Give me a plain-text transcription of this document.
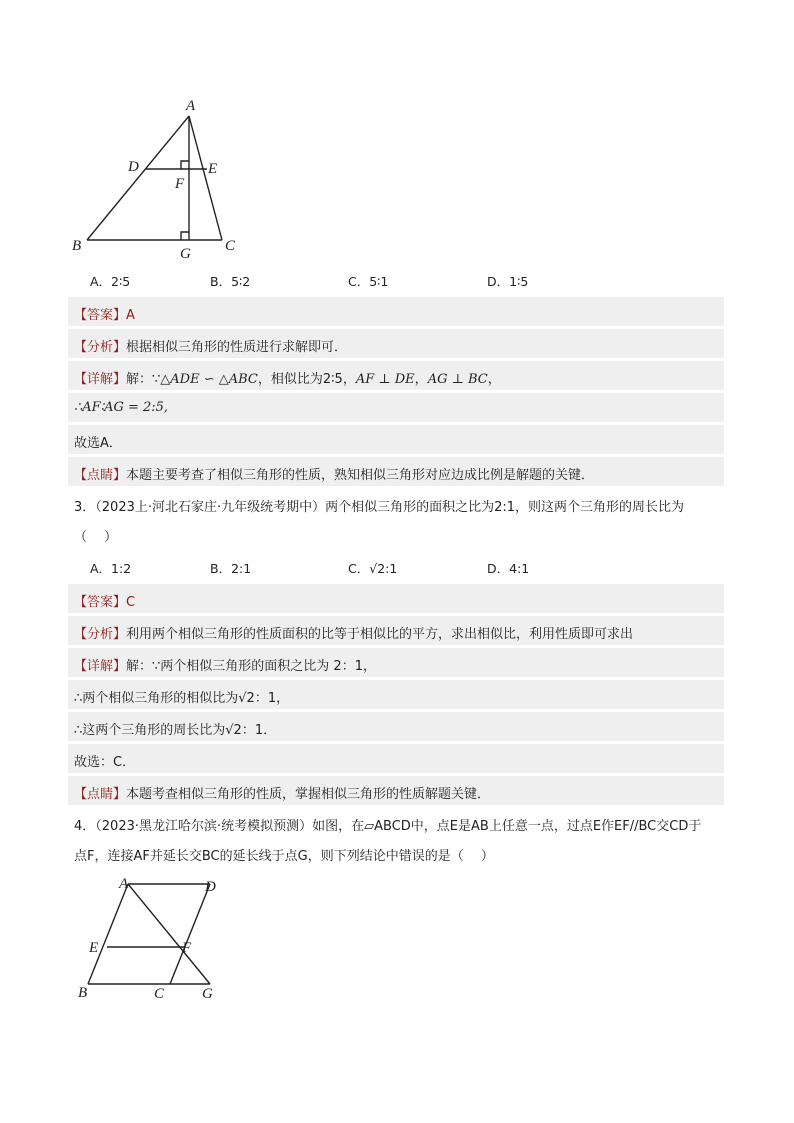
A
D	E
F
B	C
G
A．2∶5	B．5∶2	C．5∶1	D．1∶5
【答案】A
【分析】根据相似三角形的性质进行求解即可．
【详解】解：∵△ADE ∽ △ABC，相似比为2∶5，AF ⊥ DE，AG ⊥ BC，
∴AF∶AG = 2:5,
故选A．
【点睛】本题主要考查了相似三角形的性质，熟知相似三角形对应边成比例是解题的关键．
3．（2023上·河北石家庄·九年级统考期中）两个相似三角形的面积之比为2:1，则这两个三角形的周长比为
（　 ）
A．1:2	B．2:1	C．√2:1	D．4:1
【答案】C
【分析】利用两个相似三角形的性质面积的比等于相似比的平方，求出相似比，利用性质即可求出
【详解】解：∵两个相似三角形的面积之比为 2：1，
∴两个相似三角形的相似比为√2：1，
∴这两个三角形的周长比为√2：1．
故选：C．
【点睛】本题考查相似三角形的性质，掌握相似三角形的性质解题关键．
4．（2023·黑龙江哈尔滨·统考模拟预测）如图，在▱ABCD中，点E是AB上任意一点，过点E作EF//BC交CD于
点F，连接AF并延长交BC的延长线于点G，则下列结论中错误的是（　 ）
A	D
E	F
B	C	G
